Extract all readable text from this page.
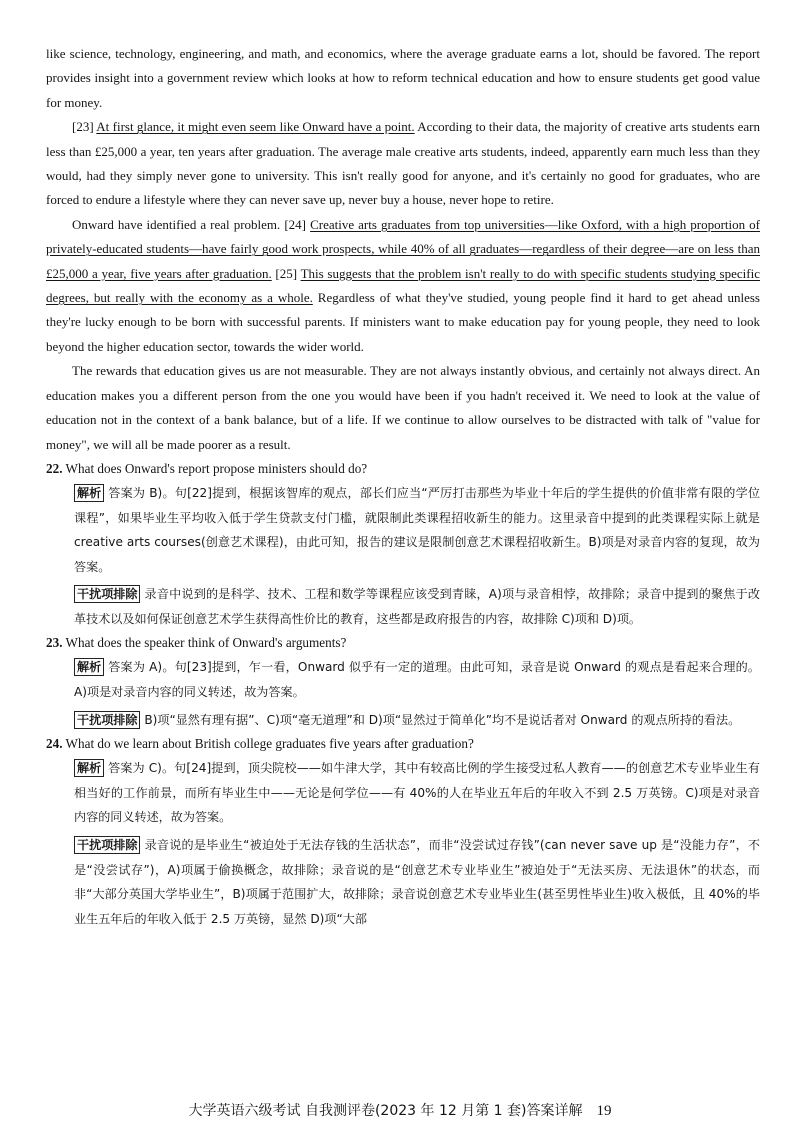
like science, technology, engineering, and math, and economics, where the average graduate earns a lot, should be favored. The report provides insight into a government review which looks at how to reform technical education and how to ensure students get good value for money.

[23] At first glance, it might even seem like Onward have a point. According to their data, the majority of creative arts students earn less than £25,000 a year, ten years after graduation. The average male creative arts students, indeed, apparently earn much less than they would, had they simply never gone to university. This isn't really good for anyone, and it's certainly no good for graduates, who are forced to endure a lifestyle where they can never save up, never buy a house, never hope to retire.

Onward have identified a real problem. [24] Creative arts graduates from top universities—like Oxford, with a high proportion of privately-educated students—have fairly good work prospects, while 40% of all graduates—regardless of their degree—are on less than £25,000 a year, five years after graduation. [25] This suggests that the problem isn't really to do with specific students studying specific degrees, but really with the economy as a whole. Regardless of what they've studied, young people find it hard to get ahead unless they're lucky enough to be born with successful parents. If ministers want to make education pay for young people, they need to look beyond the higher education sector, towards the wider world.

The rewards that education gives us are not measurable. They are not always instantly obvious, and certainly not always direct. An education makes you a different person from the one you would have been if you hadn't received it. We need to look at the value of education not in the context of a bank balance, but of a life. If we continue to allow ourselves to be distracted with talk of "value for money", we will all be made poorer as a result.

22. What does Onward's report propose ministers should do?

解析 答案为 B)。句[22]提到，根据该智库的观点，部长们应当“严厉打击那些为毕业十年后的学生提供的价值非常有限的学位课程”，如果毕业生平均收入低于学生贷款支付门槛，就限制此类课程招收新生的能力。这里录音中提到的此类课程实际上就是 creative arts courses(创意艺术课程)，由此可知，报告的建议是限制创意艺术课程招收新生。B)项是对录音内容的复现，故为答案。

干扰项排除 录音中说到的是科学、技术、工程和数学等课程应该受到青睐，A)项与录音相悖，故排除；录音中提到的聚焦于改革技术以及如何保证创意艺术学生获得高性价比的教育，这些都是政府报告的内容，故排除 C)项和 D)项。

23. What does the speaker think of Onward's arguments?

解析 答案为 A)。句[23]提到，乍一看，Onward 似乎有一定的道理。由此可知，录音是说 Onward 的观点是看起来合理的。A)项是对录音内容的同义转述，故为答案。

干扰项排除 B)项“显然有理有据”、C)项“毫无道理”和 D)项“显然过于简单化”均不是说话者对 Onward 的观点所持的看法。

24. What do we learn about British college graduates five years after graduation?

解析 答案为 C)。句[24]提到，顶尖院校——如牛津大学，其中有较高比例的学生接受过私人教育——的创意艺术专业毕业生有相当好的工作前景，而所有毕业生中——无论是何学位——有 40%的人在毕业五年后的年收入不到 2.5 万英镑。C)项是对录音内容的同义转述，故为答案。

干扰项排除 录音说的是毕业生“被迫处于无法存钱的生活状态”，而非“没尝试过存钱”(can never save up 是“没能力存”，不是“没尝试存”)，A)项属于偷换概念，故排除；录音说的是“创意艺术专业毕业生”被迫处于“无法买房、无法退休”的状态，而非“大部分英国大学毕业生”，B)项属于范围扩大，故排除；录音说创意艺术专业毕业生(甚至男性毕业生)收入极低，且 40%的毕业生五年后的年收入低于 2.5 万英镑，显然 D)项“大部

大学英语六级考试 自我测评卷(2023 年 12 月第 1 套)答案详解 19
